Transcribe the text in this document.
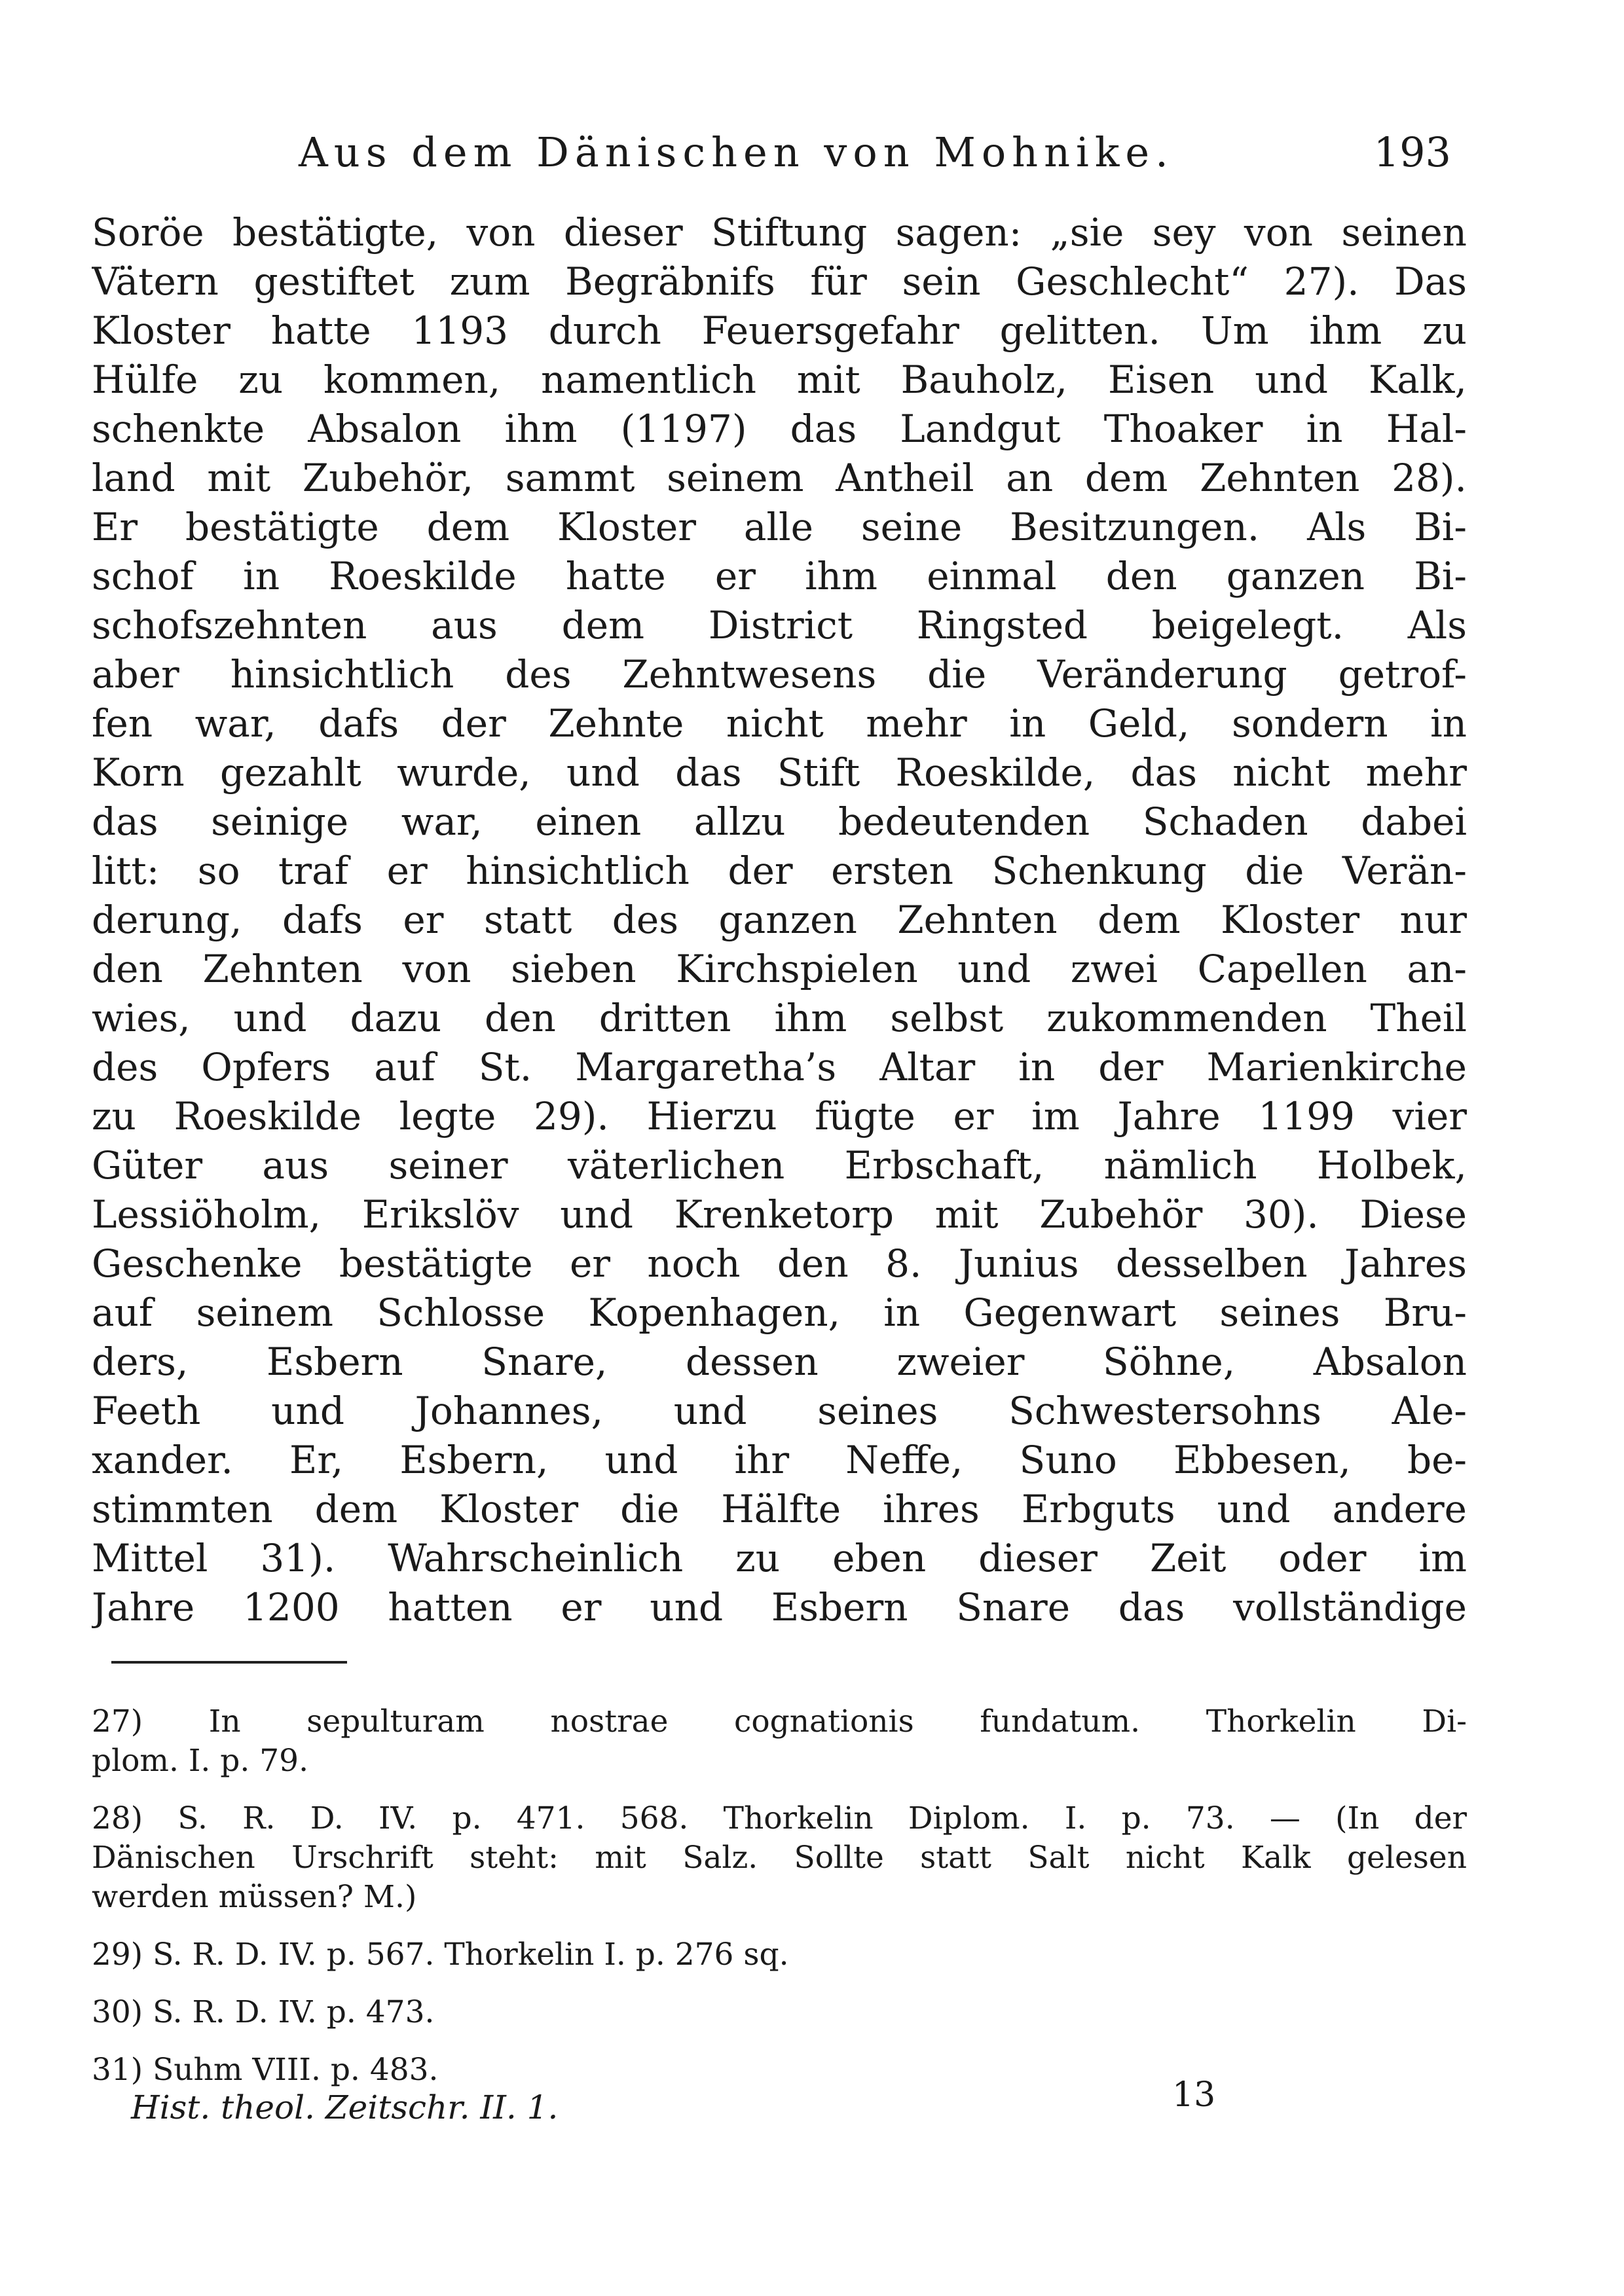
Aus dem Dänischen von Mohnike.	193
Soröe bestätigte, von dieser Stiftung sagen: „sie sey von seinen
Vätern gestiftet zum Begräbnifs für sein Geschlecht“ 27). Das
Kloster hatte 1193 durch Feuersgefahr gelitten. Um ihm zu
Hülfe zu kommen, namentlich mit Bauholz, Eisen und Kalk,
schenkte Absalon ihm (1197) das Landgut Thoaker in Hal-
land mit Zubehör, sammt seinem Antheil an dem Zehnten 28).
Er bestätigte dem Kloster alle seine Besitzungen. Als Bi-
schof in Roeskilde hatte er ihm einmal den ganzen Bi-
schofszehnten aus dem District Ringsted beigelegt. Als
aber hinsichtlich des Zehntwesens die Veränderung getrof-
fen war, dafs der Zehnte nicht mehr in Geld, sondern in
Korn gezahlt wurde, und das Stift Roeskilde, das nicht mehr
das seinige war, einen allzu bedeutenden Schaden dabei
litt: so traf er hinsichtlich der ersten Schenkung die Verän-
derung, dafs er statt des ganzen Zehnten dem Kloster nur
den Zehnten von sieben Kirchspielen und zwei Capellen an-
wies, und dazu den dritten ihm selbst zukommenden Theil
des Opfers auf St. Margaretha’s Altar in der Marienkirche
zu Roeskilde legte 29). Hierzu fügte er im Jahre 1199 vier
Güter aus seiner väterlichen Erbschaft, nämlich Holbek,
Lessiöholm, Erikslöv und Krenketorp mit Zubehör 30). Diese
Geschenke bestätigte er noch den 8. Junius desselben Jahres
auf seinem Schlosse Kopenhagen, in Gegenwart seines Bru-
ders, Esbern Snare, dessen zweier Söhne, Absalon
Feeth und Johannes, und seines Schwestersohns Ale-
xander. Er, Esbern, und ihr Neffe, Suno Ebbesen, be-
stimmten dem Kloster die Hälfte ihres Erbguts und andere
Mittel 31). Wahrscheinlich zu eben dieser Zeit oder im
Jahre 1200 hatten er und Esbern Snare das vollständige
27) In sepulturam nostrae cognationis fundatum. Thorkelin Di-
plom. I. p. 79.
28) S. R. D. IV. p. 471. 568. Thorkelin Diplom. I. p. 73. — (In der
Dänischen Urschrift steht: mit Salz. Sollte statt Salt nicht Kalk gelesen
werden müssen? M.)
29) S. R. D. IV. p. 567. Thorkelin I. p. 276 sq.
30) S. R. D. IV. p. 473.
31) Suhm VIII. p. 483.
Hist. theol. Zeitschr. II. 1.	13
